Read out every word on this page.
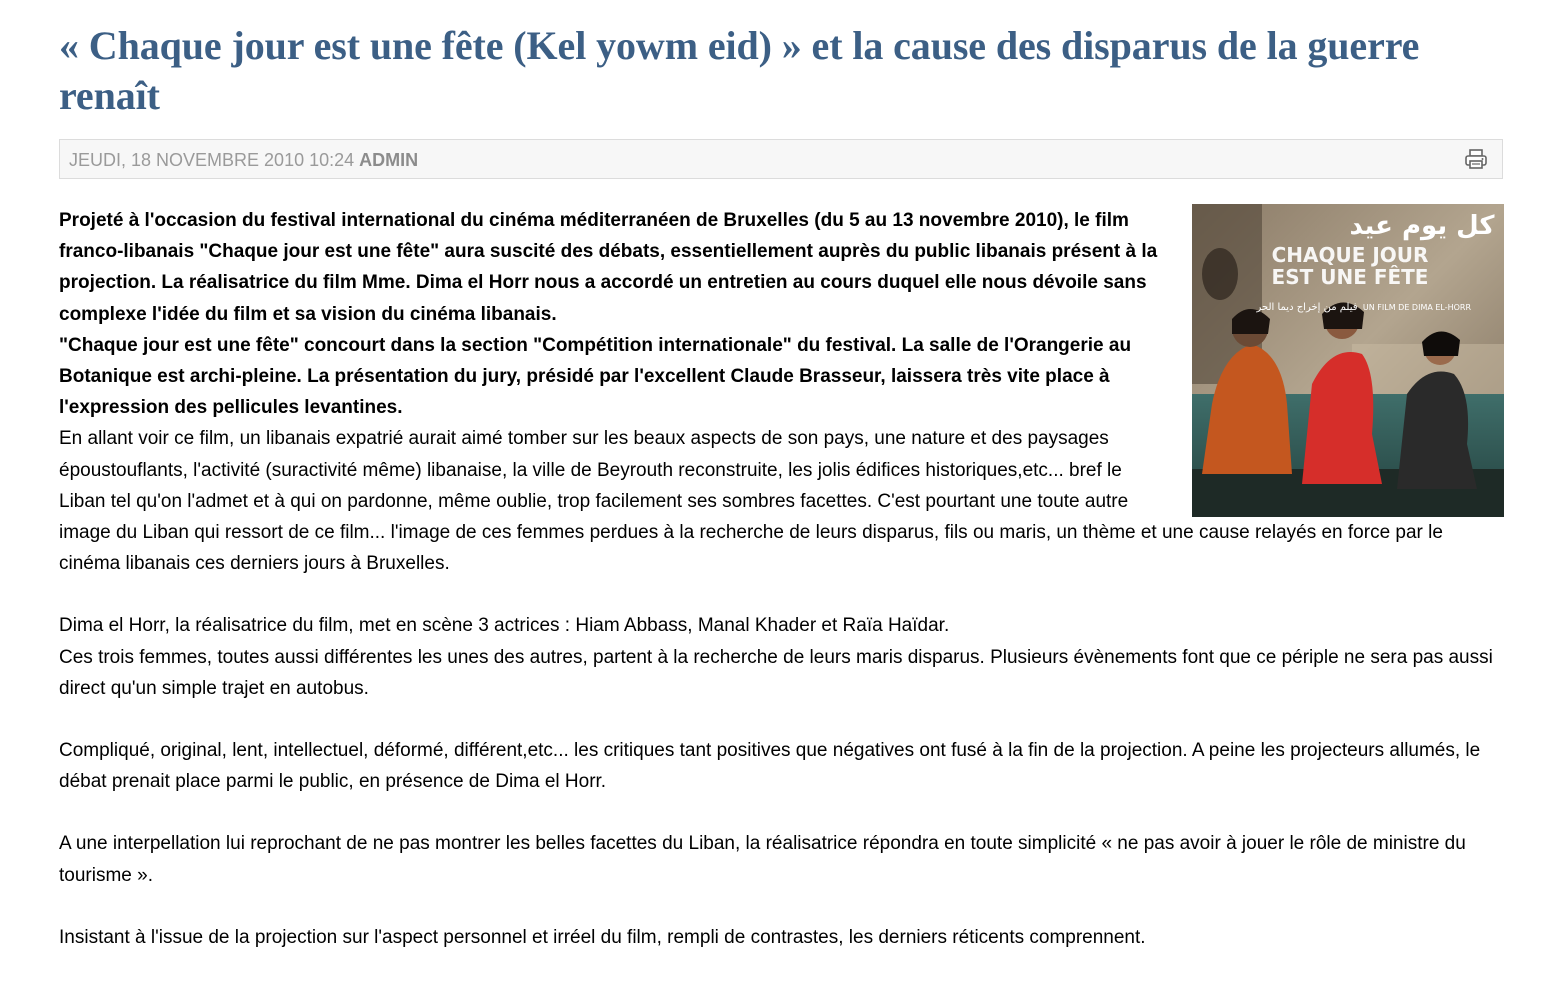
« Chaque jour est une fête (Kel yowm eid) » et la cause des disparus de la guerre renaît
JEUDI, 18 NOVEMBRE 2010 10:24 ADMIN
كل يوم عيد
CHAQUE JOUR
EST UNE FÊTE
UN FILM DE DIMA EL-HORR
فيلم من إخراج ديما الحر

Projeté à l'occasion du festival international du cinéma méditerranéen de Bruxelles (du 5 au 13 novembre 2010), le film franco-libanais "Chaque jour est une fête" aura suscité des débats, essentiellement auprès du public libanais présent à la projection. La réalisatrice du film Mme. Dima el Horr nous a accordé un entretien au cours duquel elle nous dévoile sans complexe l'idée du film et sa vision du cinéma libanais.

"Chaque jour est une fête" concourt dans la section "Compétition internationale" du festival. La salle de l'Orangerie au Botanique est archi-pleine. La présentation du jury, présidé par l'excellent Claude Brasseur, laissera très vite place à l'expression des pellicules levantines.

En allant voir ce film, un libanais expatrié aurait aimé tomber sur les beaux aspects de son pays, une nature et des paysages époustouflants, l'activité (suractivité même) libanaise, la ville de Beyrouth reconstruite, les jolis édifices historiques,etc... bref le Liban tel qu'on l'admet et à qui on pardonne, même oublie, trop facilement ses sombres facettes. C'est pourtant une toute autre image du Liban qui ressort de ce film... l'image de ces femmes perdues à la recherche de leurs disparus, fils ou maris, un thème et une cause relayés en force par le cinéma libanais ces derniers jours à Bruxelles.

Dima el Horr, la réalisatrice du film, met en scène 3 actrices : Hiam Abbass, Manal Khader et Raïa Haïdar.

Ces trois femmes, toutes aussi différentes les unes des autres, partent à la recherche de leurs maris disparus. Plusieurs évènements font que ce périple ne sera pas aussi direct qu'un simple trajet en autobus.

Compliqué, original, lent, intellectuel, déformé, différent,etc... les critiques tant positives que négatives ont fusé à la fin de la projection. A peine les projecteurs allumés, le débat prenait place parmi le public, en présence de Dima el Horr.

A une interpellation lui reprochant de ne pas montrer les belles facettes du Liban, la réalisatrice répondra en toute simplicité « ne pas avoir à jouer le rôle de ministre du tourisme ».

Insistant à l'issue de la projection sur l'aspect personnel et irréel du film, rempli de contrastes, les derniers réticents comprennent.
